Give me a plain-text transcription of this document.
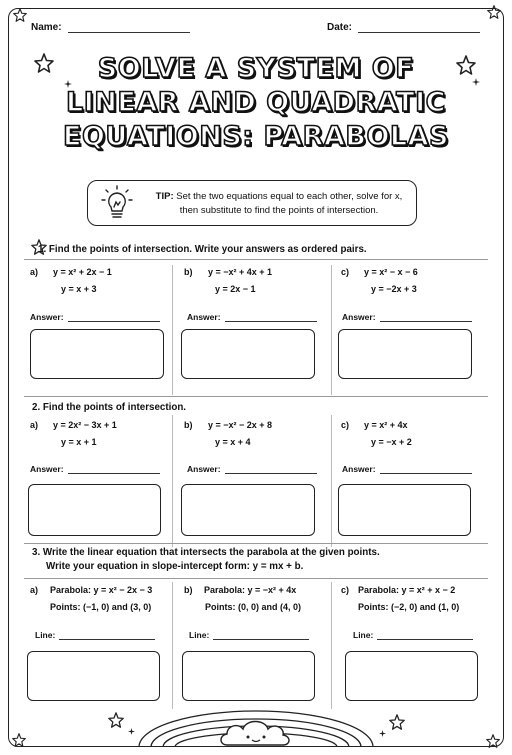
Name:	Date:
SOLVE A SYSTEM OF
LINEAR AND QUADRATIC
EQUATIONS: PARABOLAS
TIP: Set the two equations equal to each other, solve for x,
then substitute to find the points of intersection.
1. Find the points of intersection. Write your answers as ordered pairs.
a) y = x² + 2x − 1
y = x + 3
Answer:
b) y = −x² + 4x + 1
y = 2x − 1
Answer:
c) y = x² − x − 6
y = −2x + 3
Answer:
2. Find the points of intersection.
a) y = 2x² − 3x + 1
y = x + 1
Answer:
b) y = −x² − 2x + 8
y = x + 4
Answer:
c) y = x² + 4x
y = −x + 2
Answer:
3. Write the linear equation that intersects the parabola at the given points.
Write your equation in slope-intercept form: y = mx + b.
a) Parabola: y = x² − 2x − 3
Points: (−1, 0) and (3, 0)
Line:
b) Parabola: y = −x² + 4x
Points: (0, 0) and (4, 0)
Line:
c) Parabola: y = x² + x − 2
Points: (−2, 0) and (1, 0)
Line:
